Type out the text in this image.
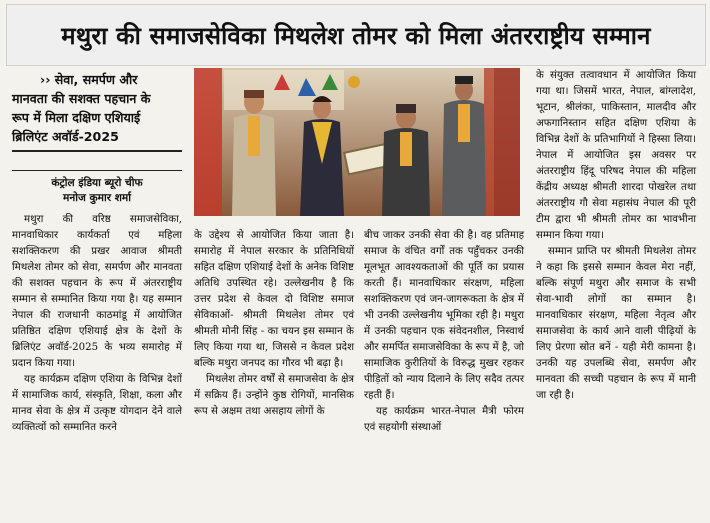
मथुरा की समाजसेविका मिथलेश तोमर को मिला अंतरराष्ट्रीय सम्मान
›› सेवा, समर्पण और
मानवता की सशक्त पहचान के
रूप में मिला दक्षिण एशियाई
ब्रिलिएंट अवॉर्ड-2025
कंट्रोल इंडिया ब्यूरो चीफ
मनोज कुमार शर्मा

मथुरा की वरिष्ठ समाजसेविका, मानवाधिकार कार्यकर्ता एवं महिला सशक्तिकरण की प्रखर आवाज श्रीमती मिथलेश तोमर को सेवा, समर्पण और मानवता की सशक्त पहचान के रूप में अंतरराष्ट्रीय सम्मान से सम्मानित किया गया है। यह सम्मान नेपाल की राजधानी काठमांडू में आयोजित प्रतिष्ठित दक्षिण एशियाई क्षेत्र के देशों के ब्रिलिएंट अवॉर्ड-2025 के भव्य समारोह में प्रदान किया गया।

यह कार्यक्रम दक्षिण एशिया के विभिन्न देशों में सामाजिक कार्य, संस्कृति, शिक्षा, कला और मानव सेवा के क्षेत्र में उत्कृष्ट योगदान देने वाले व्यक्तित्वों को सम्मानित करने

के उद्देश्य से आयोजित किया जाता है। समारोह में नेपाल सरकार के प्रतिनिधियों सहित दक्षिण एशियाई देशों के अनेक विशिष्ट अतिथि उपस्थित रहे। उल्लेखनीय है कि उत्तर प्रदेश से केवल दो विशिष्ट समाज सेविकाओं- श्रीमती मिथलेश तोमर एवं श्रीमती मोनी सिंह - का चयन इस सम्मान के लिए किया गया था, जिससे न केवल प्रदेश बल्कि मथुरा जनपद का गौरव भी बढ़ा है।

मिथलेश तोमर वर्षों से समाजसेवा के क्षेत्र में सक्रिय हैं। उन्होंने कुष्ठ रोगियों, मानसिक रूप से अक्षम तथा असहाय लोगों के

बीच जाकर उनकी सेवा की है। वह प्रतिमाह समाज के वंचित वर्गों तक पहुँचकर उनकी मूलभूत आवश्यकताओं की पूर्ति का प्रयास करती हैं। मानवाधिकार संरक्षण, महिला सशक्तिकरण एवं जन-जागरूकता के क्षेत्र में भी उनकी उल्लेखनीय भूमिका रही है। मथुरा में उनकी पहचान एक संवेदनशील, निस्वार्थ और समर्पित समाजसेविका के रूप में है, जो सामाजिक कुरीतियों के विरुद्ध मुखर रहकर पीड़ितों को न्याय दिलाने के लिए सदैव तत्पर रहती हैं।

यह कार्यक्रम भारत-नेपाल मैत्री फोरम एवं सहयोगी संस्थाओं

के संयुक्त तत्वावधान में आयोजित किया गया था। जिसमें भारत, नेपाल, बांग्लादेश, भूटान, श्रीलंका, पाकिस्तान, मालदीव और अफगानिस्तान सहित दक्षिण एशिया के विभिन्न देशों के प्रतिभागियों ने हिस्सा लिया। नेपाल में आयोजित इस अवसर पर अंतरराष्ट्रीय हिंदू परिषद नेपाल की महिला केंद्रीय अध्यक्ष श्रीमती शारदा पोखरेल तथा अंतरराष्ट्रीय गौ सेवा महासंघ नेपाल की पूरी टीम द्वारा भी श्रीमती तोमर का भावभीना सम्मान किया गया।

सम्मान प्राप्ति पर श्रीमती मिथलेश तोमर ने कहा कि इससे सम्मान केवल मेरा नहीं, बल्कि संपूर्ण मथुरा और समाज के सभी सेवा-भावी लोगों का सम्मान है। मानवाधिकार संरक्षण, महिला नेतृत्व और समाजसेवा के कार्य आने वाली पीढ़ियों के लिए प्रेरणा स्रोत बनें - यही मेरी कामना है। उनकी यह उपलब्धि सेवा, समर्पण और मानवता की सच्ची पहचान के रूप में मानी जा रही है।
